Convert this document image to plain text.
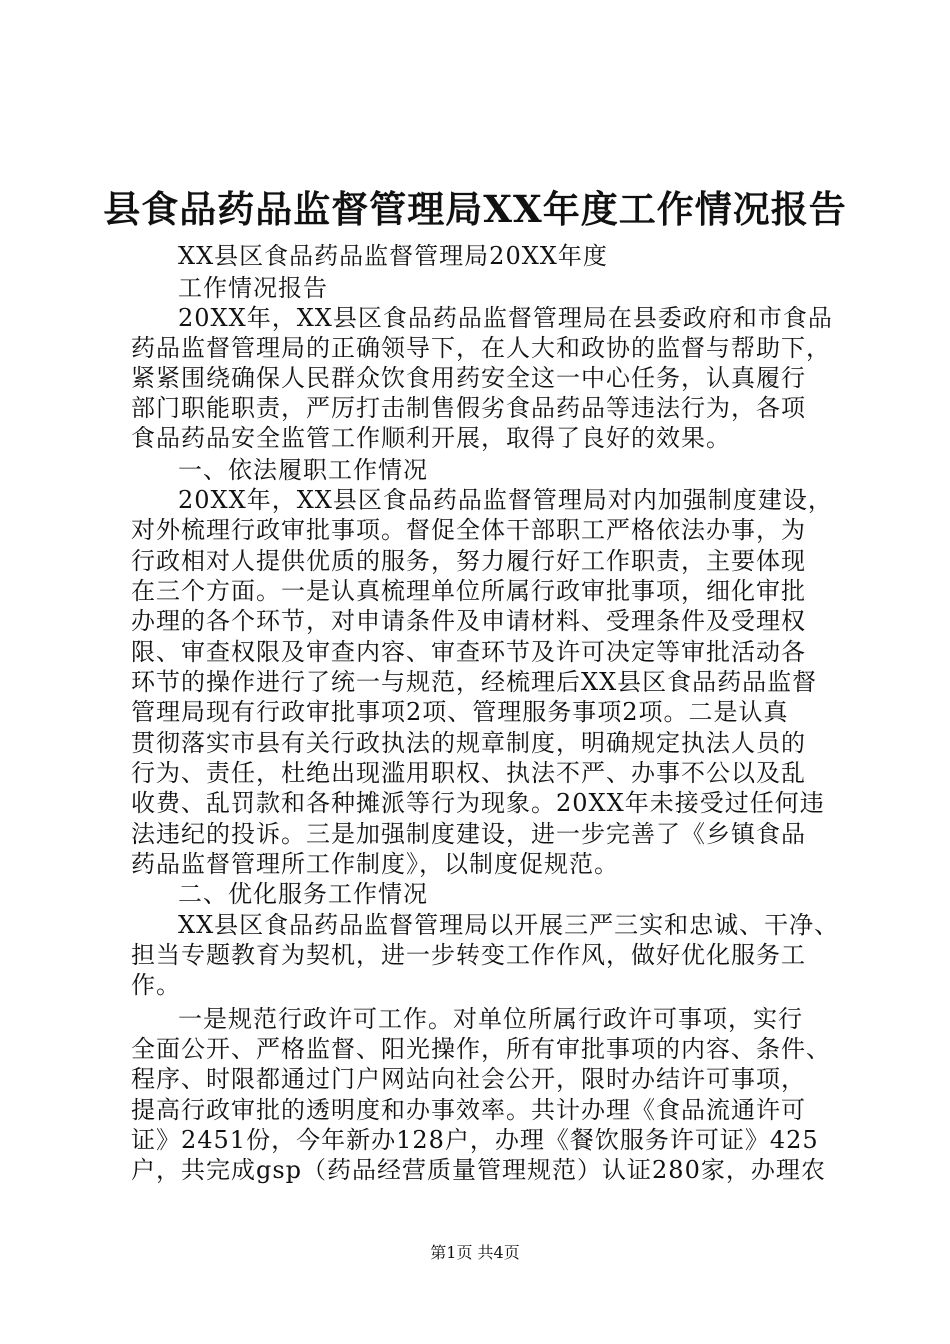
县食品药品监督管理局XX年度工作情况报告
XX县区食品药品监督管理局20XX年度
工作情况报告
20XX年，XX县区食品药品监督管理局在县委政府和市食品
药品监督管理局的正确领导下，在人大和政协的监督与帮助下，
紧紧围绕确保人民群众饮食用药安全这一中心任务，认真履行
部门职能职责，严厉打击制售假劣食品药品等违法行为，各项
食品药品安全监管工作顺利开展，取得了良好的效果。
一、依法履职工作情况
20XX年，XX县区食品药品监督管理局对内加强制度建设，
对外梳理行政审批事项。督促全体干部职工严格依法办事，为
行政相对人提供优质的服务，努力履行好工作职责，主要体现
在三个方面。一是认真梳理单位所属行政审批事项，细化审批
办理的各个环节，对申请条件及申请材料、受理条件及受理权
限、审查权限及审查内容、审查环节及许可决定等审批活动各
环节的操作进行了统一与规范，经梳理后XX县区食品药品监督
管理局现有行政审批事项2项、管理服务事项2项。二是认真
贯彻落实市县有关行政执法的规章制度，明确规定执法人员的
行为、责任，杜绝出现滥用职权、执法不严、办事不公以及乱
收费、乱罚款和各种摊派等行为现象。20XX年未接受过任何违
法违纪的投诉。三是加强制度建设，进一步完善了《乡镇食品
药品监督管理所工作制度》，以制度促规范。
二、优化服务工作情况
XX县区食品药品监督管理局以开展三严三实和忠诚、干净、
担当专题教育为契机，进一步转变工作作风，做好优化服务工
作。
一是规范行政许可工作。对单位所属行政许可事项，实行
全面公开、严格监督、阳光操作，所有审批事项的内容、条件、
程序、时限都通过门户网站向社会公开，限时办结许可事项，
提高行政审批的透明度和办事效率。共计办理《食品流通许可
证》2451份，今年新办128户，办理《餐饮服务许可证》425
户，共完成gsp（药品经营质量管理规范）认证280家，办理农
第1页 共4页
